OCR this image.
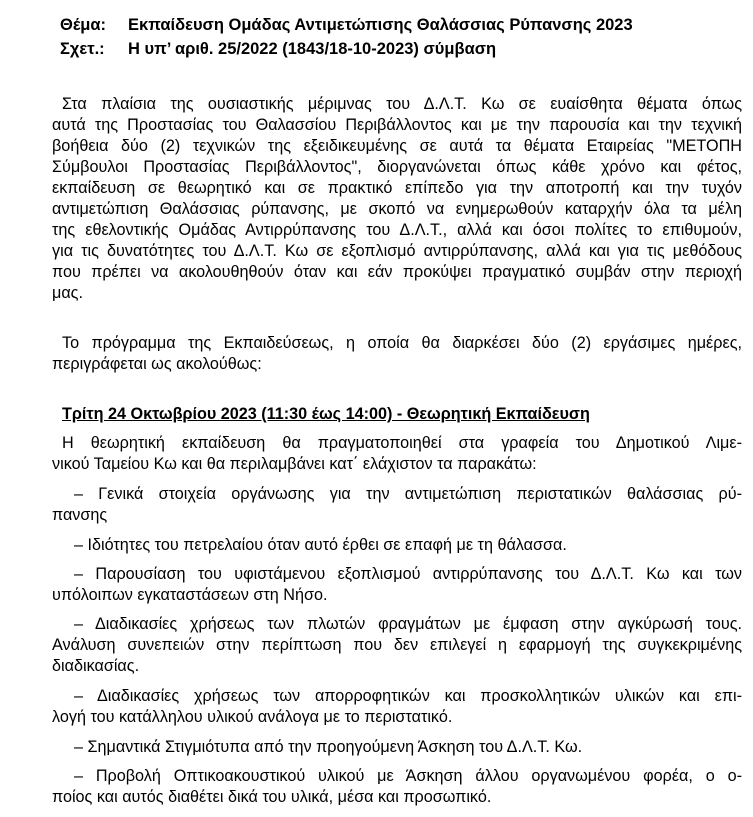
Θέμα: Εκπαίδευση Ομάδας Αντιμετώπισης Θαλάσσιας Ρύπανσης 2023
Σχετ.: Η υπ’ αριθ. 25/2022 (1843/18-10-2023) σύμβαση
Στα πλαίσια της ουσιαστικής μέριμνας του Δ.Λ.Τ. Κω σε ευαίσθητα θέματα όπως
αυτά της Προστασίας του Θαλασσίου Περιβάλλοντος και με την παρουσία και την τεχνική
βοήθεια δύο (2) τεχνικών της εξειδικευμένης σε αυτά τα θέματα Εταιρείας "ΜΕΤΟΠΗ
Σύμβουλοι Προστασίας Περιβάλλοντος", διοργανώνεται όπως κάθε χρόνο και φέτος,
εκπαίδευση σε θεωρητικό και σε πρακτικό επίπεδο για την αποτροπή και την τυχόν
αντιμετώπιση Θαλάσσιας ρύπανσης, με σκοπό να ενημερωθούν καταρχήν όλα τα μέλη
της εθελοντικής Ομάδας Αντιρρύπανσης του Δ.Λ.Τ., αλλά και όσοι πολίτες το επιθυμούν,
για τις δυνατότητες του Δ.Λ.Τ. Κω σε εξοπλισμό αντιρρύπανσης, αλλά και για τις μεθόδους
που πρέπει να ακολουθηθούν όταν και εάν προκύψει πραγματικό συμβάν στην περιοχή
μας.
Το πρόγραμμα της Εκπαιδεύσεως, η οποία θα διαρκέσει δύο (2) εργάσιμες ημέρες,
περιγράφεται ως ακολούθως:
Τρίτη 24 Οκτωβρίου 2023 (11:30 έως 14:00) - Θεωρητική Εκπαίδευση
Η θεωρητική εκπαίδευση θα πραγματοποιηθεί στα γραφεία του Δημοτικού Λιμε-
νικού Ταμείου Κω και θα περιλαμβάνει κατ΄ ελάχιστον τα παρακάτω:
– Γενικά στοιχεία οργάνωσης για την αντιμετώπιση περιστατικών θαλάσσιας ρύ-
πανσης
– Ιδιότητες του πετρελαίου όταν αυτό έρθει σε επαφή με τη θάλασσα.
– Παρουσίαση του υφιστάμενου εξοπλισμού αντιρρύπανσης του Δ.Λ.Τ. Κω και των
υπόλοιπων εγκαταστάσεων στη Νήσο.
– Διαδικασίες χρήσεως των πλωτών φραγμάτων με έμφαση στην αγκύρωσή τους.
Ανάλυση συνεπειών στην περίπτωση που δεν επιλεγεί η εφαρμογή της συγκεκριμένης
διαδικασίας.
– Διαδικασίες χρήσεως των απορροφητικών και προσκολλητικών υλικών και επι-
λογή του κατάλληλου υλικού ανάλογα με το περιστατικό.
– Σημαντικά Στιγμιότυπα από την προηγούμενη Άσκηση του Δ.Λ.Τ. Κω.
– Προβολή Οπτικοακουστικού υλικού με Άσκηση άλλου οργανωμένου φορέα, ο ο-
ποίος και αυτός διαθέτει δικά του υλικά, μέσα και προσωπικό.
